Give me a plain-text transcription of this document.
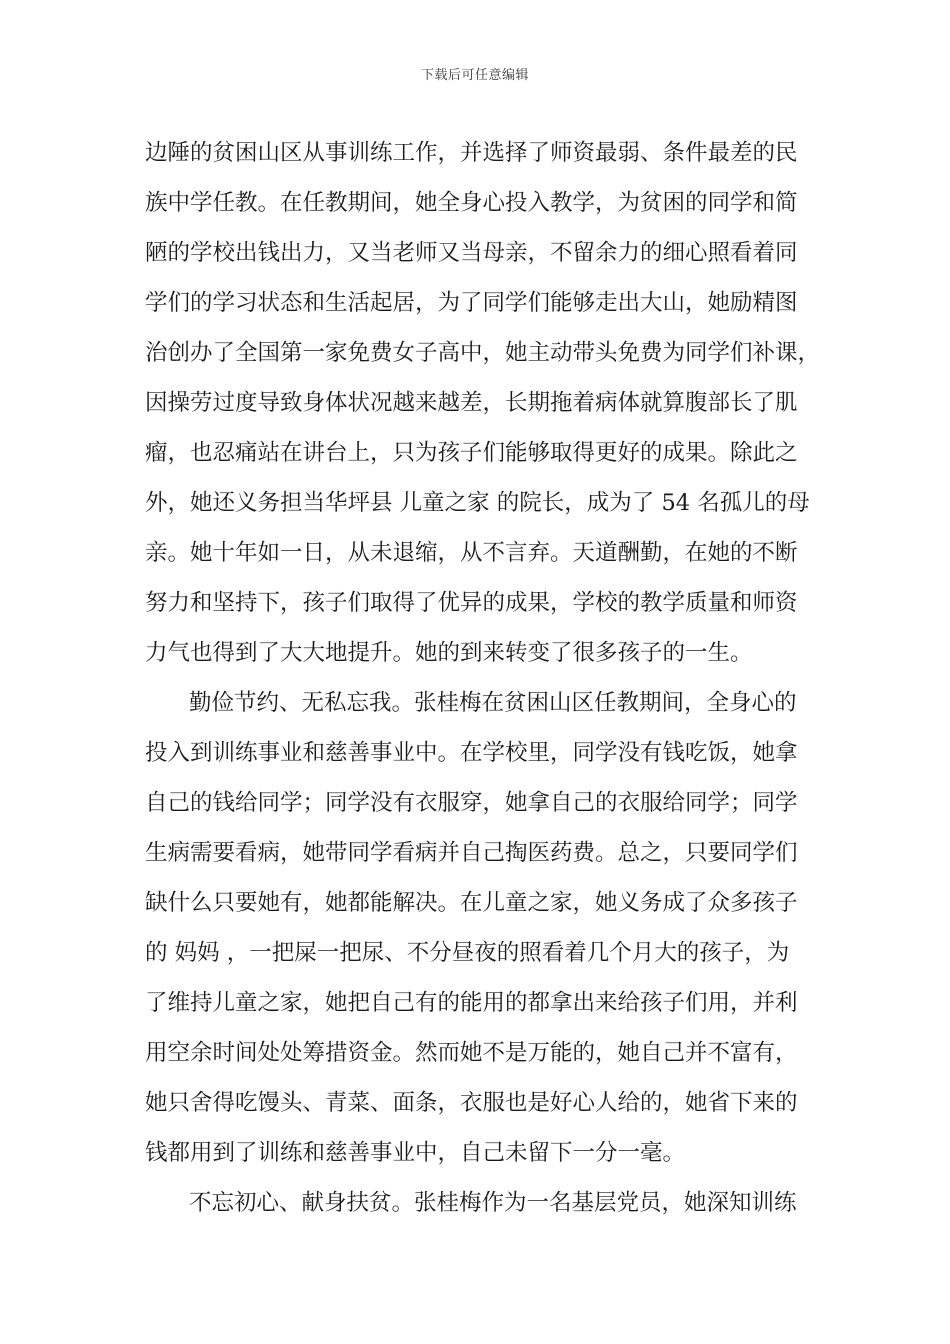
下载后可任意编辑
边陲的贫困山区从事训练工作，并选择了师资最弱、条件最差的民
族中学任教。在任教期间，她全身心投入教学，为贫困的同学和简
陋的学校出钱出力，又当老师又当母亲，不留余力的细心照看着同
学们的学习状态和生活起居，为了同学们能够走出大山，她励精图
治创办了全国第一家免费女子高中，她主动带头免费为同学们补课，
因操劳过度导致身体状况越来越差，长期拖着病体就算腹部长了肌
瘤，也忍痛站在讲台上，只为孩子们能够取得更好的成果。除此之
外，她还义务担当华坪县 儿童之家 的院长，成为了 54 名孤儿的母
亲。她十年如一日，从未退缩，从不言弃。天道酬勤，在她的不断
努力和坚持下，孩子们取得了优异的成果，学校的教学质量和师资
力气也得到了大大地提升。她的到来转变了很多孩子的一生。
勤俭节约、无私忘我。张桂梅在贫困山区任教期间，全身心的
投入到训练事业和慈善事业中。在学校里，同学没有钱吃饭，她拿
自己的钱给同学；同学没有衣服穿，她拿自己的衣服给同学；同学
生病需要看病，她带同学看病并自己掏医药费。总之，只要同学们
缺什么只要她有，她都能解决。在儿童之家，她义务成了众多孩子
的 妈妈 ，一把屎一把尿、不分昼夜的照看着几个月大的孩子，为
了维持儿童之家，她把自己有的能用的都拿出来给孩子们用，并利
用空余时间处处筹措资金。然而她不是万能的，她自己并不富有，
她只舍得吃馒头、青菜、面条，衣服也是好心人给的，她省下来的
钱都用到了训练和慈善事业中，自己未留下一分一毫。
不忘初心、献身扶贫。张桂梅作为一名基层党员，她深知训练
